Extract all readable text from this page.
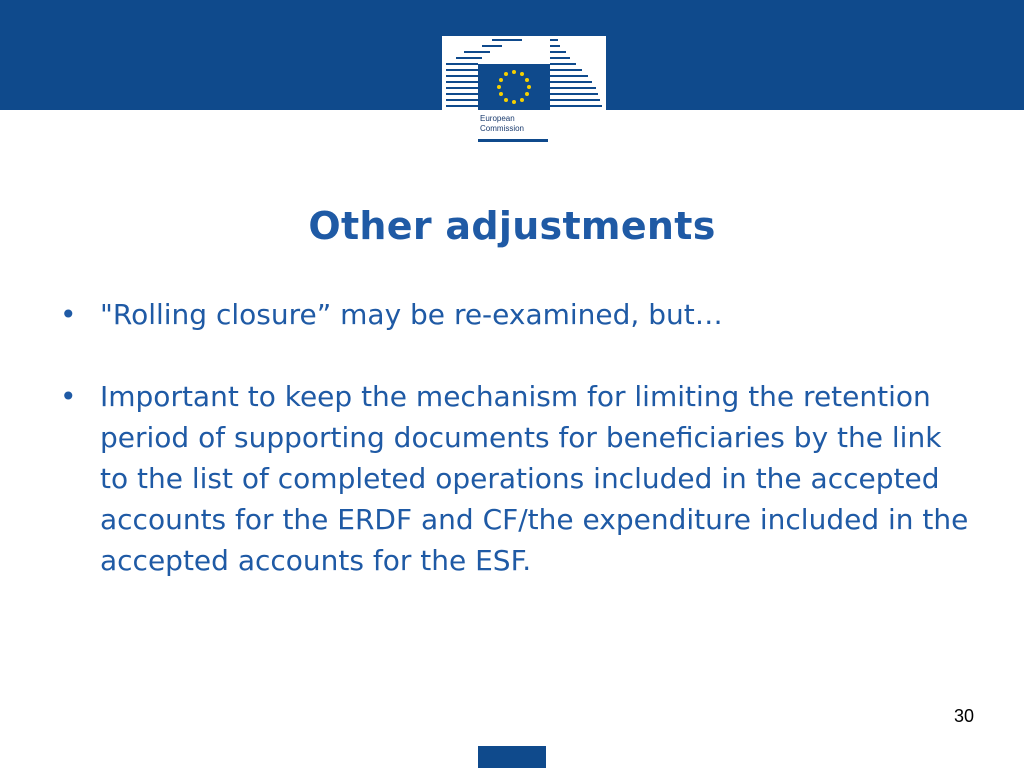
European
Commission
Other adjustments
• "Rolling closure” may be re-examined, but…
• Important to keep the mechanism for limiting the retention period of supporting documents for beneficiaries by the link to the list of completed operations included in the accepted accounts for the ERDF and CF/the expenditure included in the accepted accounts for the ESF.
30
